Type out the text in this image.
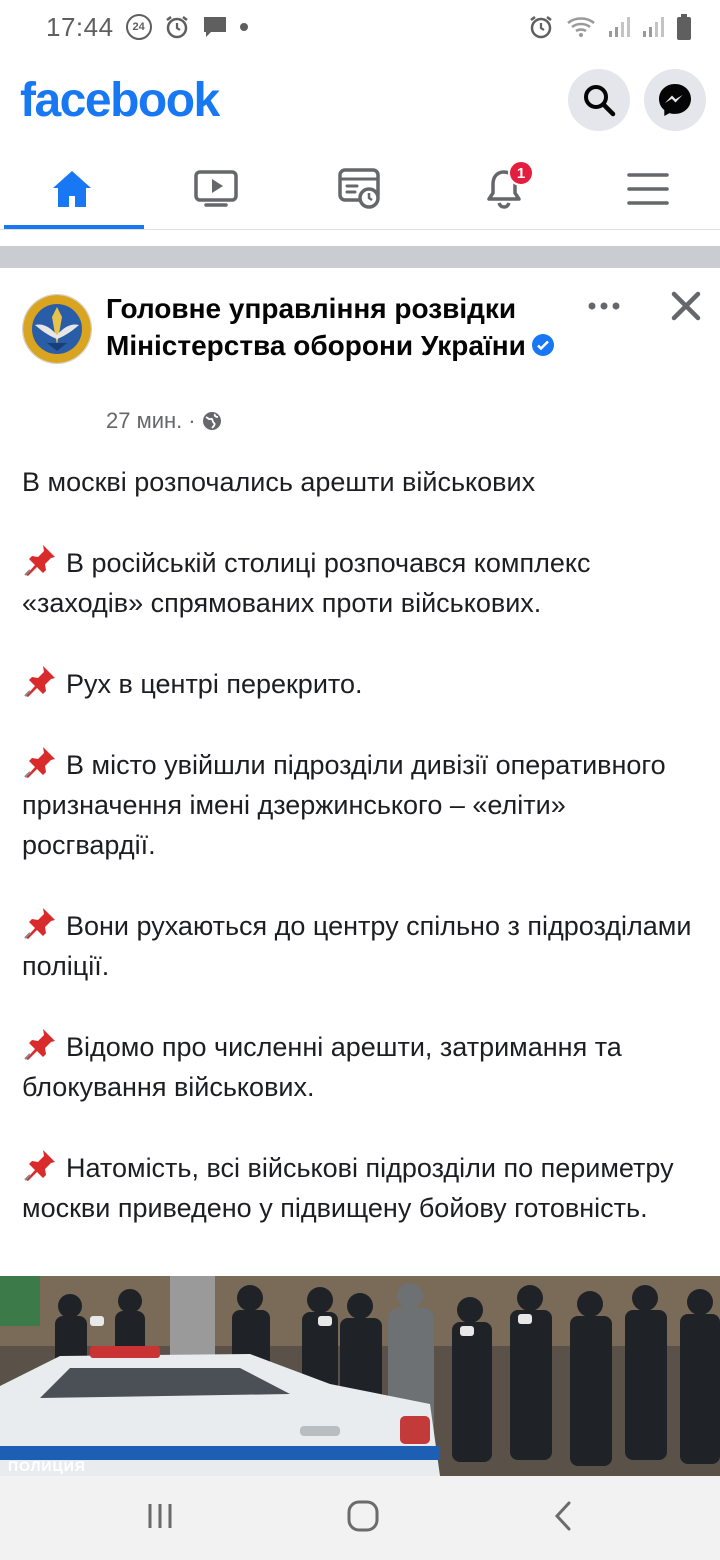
17:44	24
facebook
1
Головне управління розвідки Міністерства оборони України
27 мин. ·

В москві розпочались арешти військових

В російській столиці розпочався комплекс «заходів» спрямованих проти військових.

Рух в центрі перекрито.

В місто увійшли підрозділи дивізії оперативного призначення імені дзержинського – «еліти» росгвардії.

Вони рухаються до центру спільно з підрозділами поліції.

Відомо про численні арешти, затримання та блокування військових.

Натомість, всі військові підрозділи по периметру москви приведено у підвищену бойову готовність.

ПОЛИЦИЯ
